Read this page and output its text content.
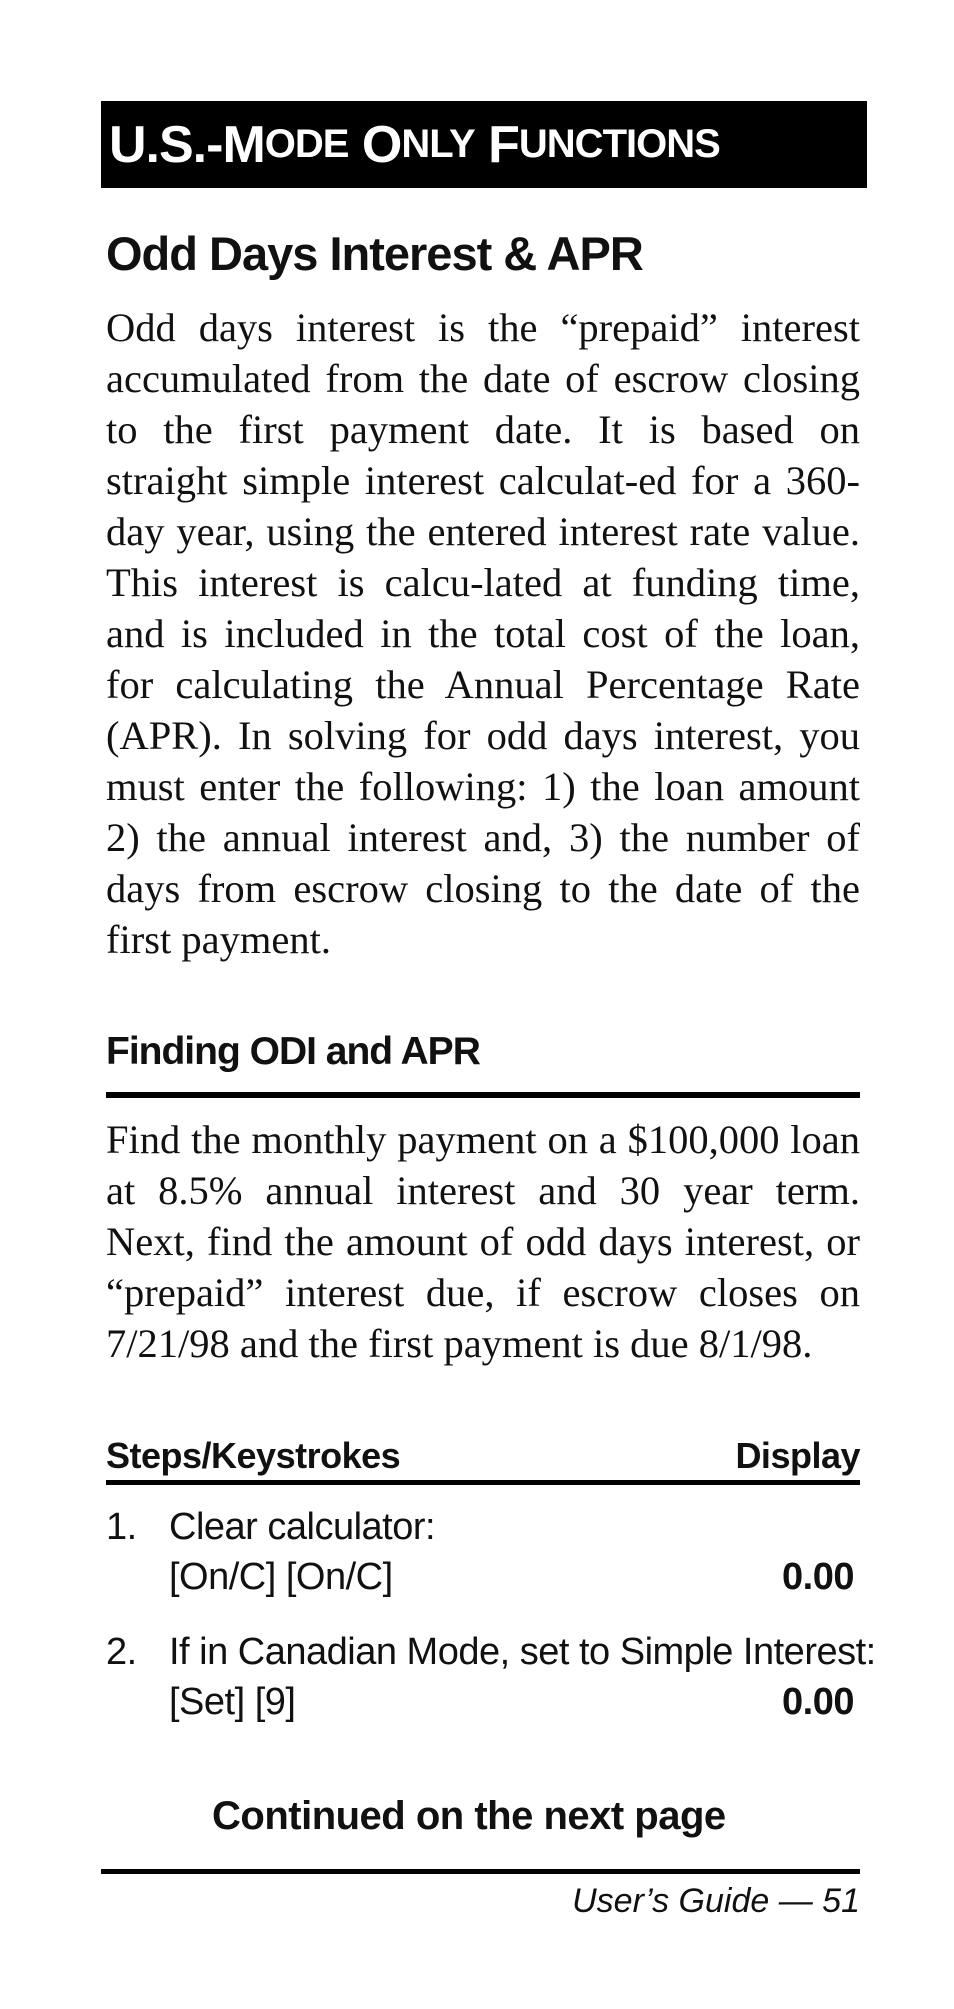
U.S.-M ODE O NLY F UNCTIONS
Odd Days Interest & APR
Odd days interest is the “prepaid” interest accumulated from the date of escrow closing to the first payment date. It is based on straight simple interest calculat-ed for a 360-day year, using the entered interest rate value. This interest is calcu-lated at funding time, and is included in the total cost of the loan, for calculating the Annual Percentage Rate (APR). In solving for odd days interest, you must enter the following: 1) the loan amount 2) the annual interest and, 3) the number of days from escrow closing to the date of the first payment.
Finding ODI and APR
Find the monthly payment on a $100,000 loan at 8.5% annual interest and 30 year term. Next, find the amount of odd days interest, or “prepaid” interest due, if escrow closes on 7/21/98 and the first payment is due 8/1/98.
Steps/Keystrokes	Display
1. Clear calculator:
[On/C] [On/C]	0.00
2. If in Canadian Mode, set to Simple Interest:
[Set] [9]	0.00
Continued on the next page
User’s Guide — 51
